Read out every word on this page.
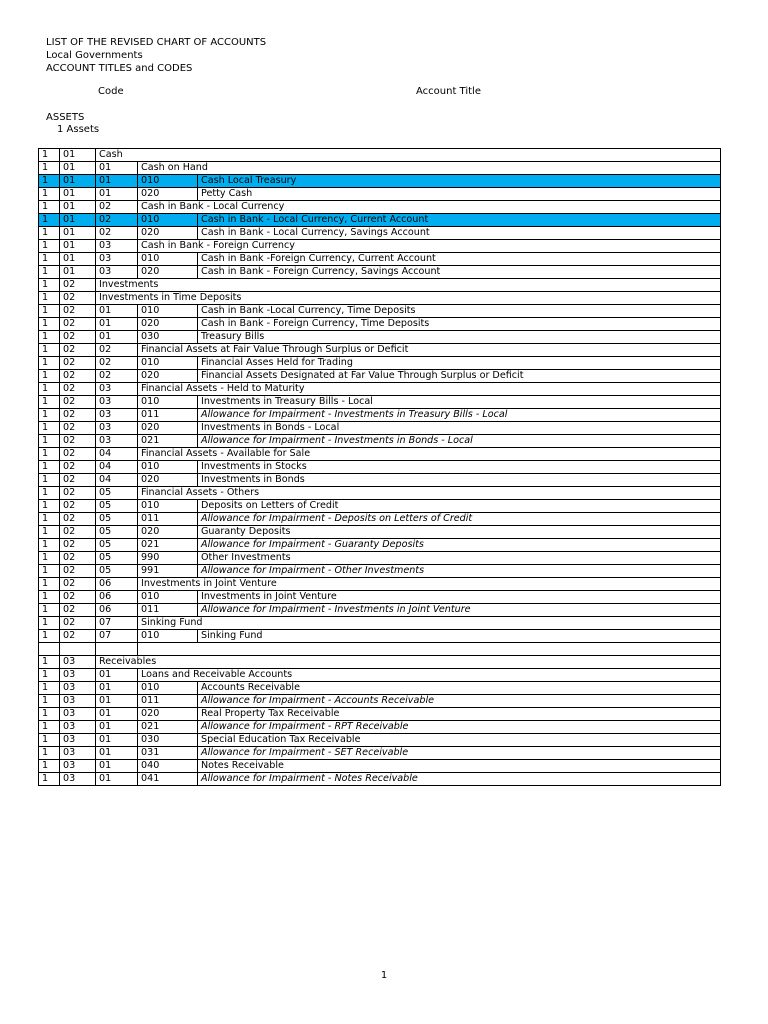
LIST OF THE REVISED CHART OF ACCOUNTS
Local Governments
ACCOUNT TITLES and CODES
Code	Account Title
ASSETS
1 Assets
1	01	Cash		
1	01	01	Cash on Hand	
1	01	01	010	Cash Local Treasury
1	01	01	020	Petty Cash
1	01	02	Cash in Bank - Local Currency	
1	01	02	010	Cash in Bank - Local Currency, Current Account
1	01	02	020	Cash in Bank - Local Currency, Savings Account
1	01	03	Cash in Bank - Foreign Currency	
1	01	03	010	Cash in Bank -Foreign Currency, Current Account
1	01	03	020	Cash in Bank - Foreign Currency, Savings Account
1	02	Investments		
1	02	Investments in Time Deposits		
1	02	01	010	Cash in Bank -Local Currency, Time Deposits
1	02	01	020	Cash in Bank - Foreign Currency, Time Deposits
1	02	01	030	Treasury Bills
1	02	02	Financial Assets at Fair Value Through Surplus or Deficit	
1	02	02	010	Financial Asses Held for Trading
1	02	02	020	Financial Assets Designated at Far Value Through Surplus or Deficit
1	02	03	Financial Assets - Held to Maturity	
1	02	03	010	Investments in Treasury Bills - Local
1	02	03	011	Allowance for Impairment - Investments in Treasury Bills - Local
1	02	03	020	Investments in Bonds - Local
1	02	03	021	Allowance for Impairment - Investments in Bonds - Local
1	02	04	Financial Assets - Available for Sale	
1	02	04	010	Investments in Stocks
1	02	04	020	Investments in Bonds
1	02	05	Financial Assets - Others	
1	02	05	010	Deposits on Letters of Credit
1	02	05	011	Allowance for Impairment - Deposits on Letters of Credit
1	02	05	020	Guaranty Deposits
1	02	05	021	Allowance for Impairment - Guaranty Deposits
1	02	05	990	Other Investments
1	02	05	991	Allowance for Impairment - Other Investments
1	02	06	Investments in Joint Venture	
1	02	06	010	Investments in Joint Venture
1	02	06	011	Allowance for Impairment - Investments in Joint Venture
1	02	07	Sinking Fund	
1	02	07	010	Sinking Fund

1	03	Receivables		
1	03	01	Loans and Receivable Accounts	
1	03	01	010	Accounts Receivable
1	03	01	011	Allowance for Impairment - Accounts Receivable
1	03	01	020	Real Property Tax Receivable
1	03	01	021	Allowance for Impairment - RPT Receivable
1	03	01	030	Special Education Tax Receivable
1	03	01	031	Allowance for Impairment - SET Receivable
1	03	01	040	Notes Receivable
1	03	01	041	Allowance for Impairment - Notes Receivable
1
